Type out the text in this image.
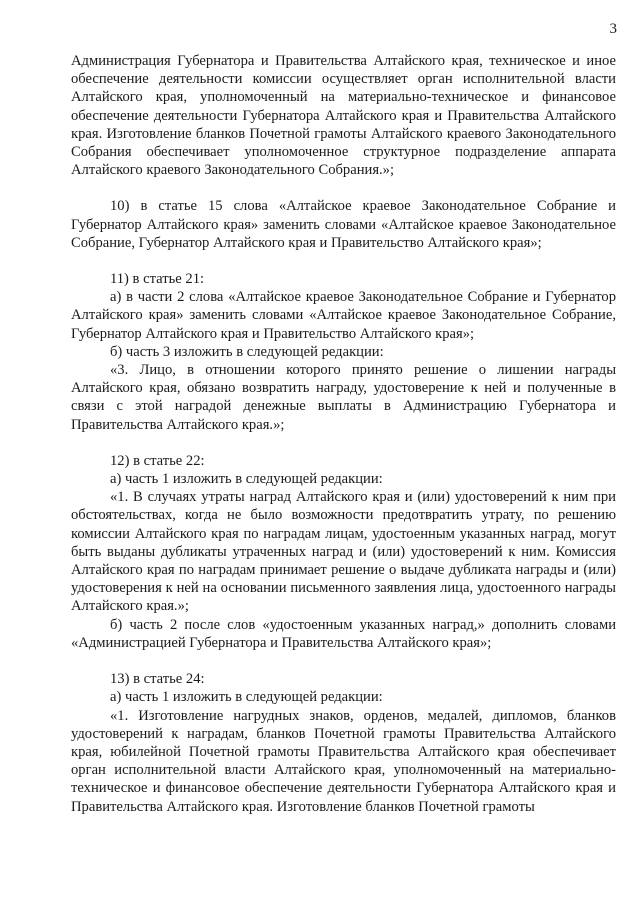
3

Администрация Губернатора и Правительства Алтайского края, техническое и иное обеспечение деятельности комиссии осуществляет орган исполнительной власти Алтайского края, уполномоченный на материально-техническое и финансовое обеспечение деятельности Губернатора Алтайского края и Правительства Алтайского края. Изготовление бланков Почетной грамоты Алтайского краевого Законодательного Собрания обеспечивает уполномоченное структурное подразделение аппарата Алтайского краевого Законодательного Собрания.»;

10) в статье 15 слова «Алтайское краевое Законодательное Собрание и Губернатор Алтайского края» заменить словами «Алтайское краевое Законодательное Собрание, Губернатор Алтайского края и Правительство Алтайского края»;

11) в статье 21:

а) в части 2 слова «Алтайское краевое Законодательное Собрание и Губернатор Алтайского края» заменить словами «Алтайское краевое Законодательное Собрание, Губернатор Алтайского края и Правительство Алтайского края»;

б) часть 3 изложить в следующей редакции:

«3. Лицо, в отношении которого принято решение о лишении награды Алтайского края, обязано возвратить награду, удостоверение к ней и полученные в связи с этой наградой денежные выплаты в Администрацию Губернатора и Правительства Алтайского края.»;

12) в статье 22:

а) часть 1 изложить в следующей редакции:

«1. В случаях утраты наград Алтайского края и (или) удостоверений к ним при обстоятельствах, когда не было возможности предотвратить утрату, по решению комиссии Алтайского края по наградам лицам, удостоенным указанных наград, могут быть выданы дубликаты утраченных наград и (или) удостоверений к ним. Комиссия Алтайского края по наградам принимает решение о выдаче дубликата награды и (или) удостоверения к ней на основании письменного заявления лица, удостоенного награды Алтайского края.»;

б) часть 2 после слов «удостоенным указанных наград,» дополнить словами «Администрацией Губернатора и Правительства Алтайского края»;

13) в статье 24:

а) часть 1 изложить в следующей редакции:

«1. Изготовление нагрудных знаков, орденов, медалей, дипломов, бланков удостоверений к наградам, бланков Почетной грамоты Правительства Алтайского края, юбилейной Почетной грамоты Правительства Алтайского края обеспечивает орган исполнительной власти Алтайского края, уполномоченный на материально-техническое и финансовое обеспечение деятельности Губернатора Алтайского края и Правительства Алтайского края. Изготовление бланков Почетной грамоты
